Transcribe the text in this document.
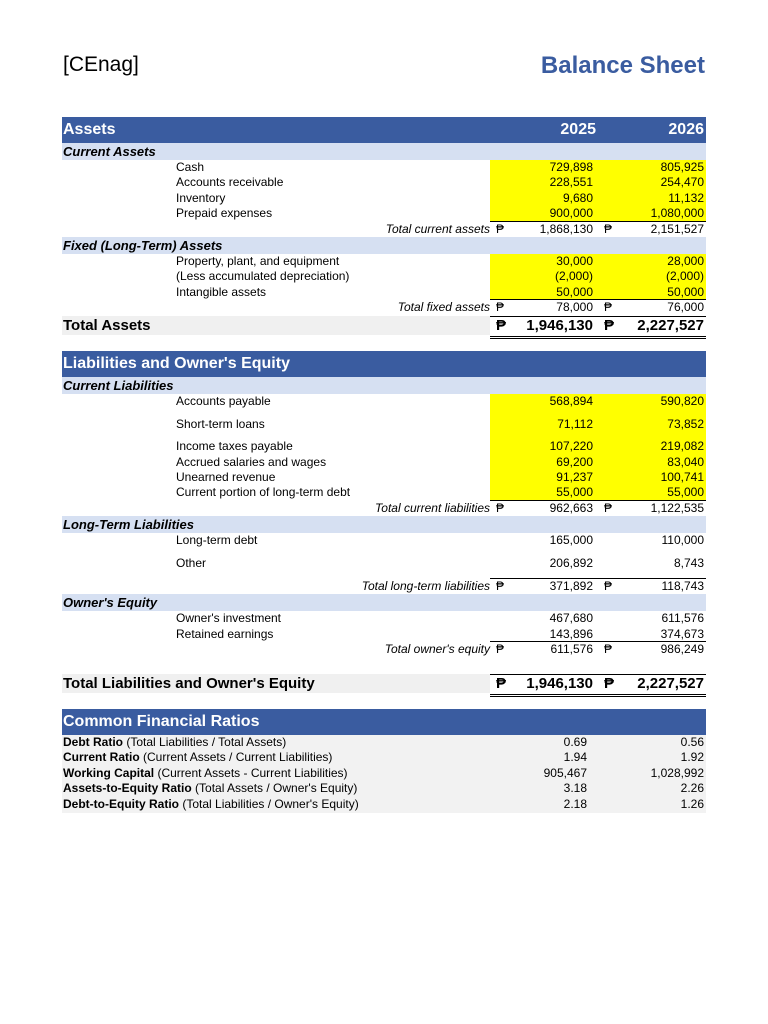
[CEnag]	Balance Sheet
Assets	2025	2026
Current Assets
Cash	729,898	805,925
Accounts receivable	228,551	254,470
Inventory	9,680	11,132
Prepaid expenses	900,000	1,080,000
Total current assets ₱	1,868,130 ₱	2,151,527
Fixed (Long-Term) Assets
Property, plant, and equipment	30,000	28,000
(Less accumulated depreciation)	(2,000)	(2,000)
Intangible assets	50,000	50,000
Total fixed assets ₱	78,000 ₱	76,000
Total Assets	₱	1,946,130 ₱	2,227,527
Liabilities and Owner's Equity
Current Liabilities
Accounts payable	568,894	590,820
Short-term loans	71,112	73,852
Income taxes payable	107,220	219,082
Accrued salaries and wages	69,200	83,040
Unearned revenue	91,237	100,741
Current portion of long-term debt	55,000	55,000
Total current liabilities ₱	962,663 ₱	1,122,535
Long-Term Liabilities
Long-term debt	165,000	110,000
Other	206,892	8,743
Total long-term liabilities ₱	371,892 ₱	118,743
Owner's Equity
Owner's investment	467,680	611,576
Retained earnings	143,896	374,673
Total owner's equity ₱	611,576 ₱	986,249
Total Liabilities and Owner's Equity	₱	1,946,130 ₱	2,227,527
Common Financial Ratios
Debt Ratio (Total Liabilities / Total Assets)	0.69	0.56
Current Ratio (Current Assets / Current Liabilities)	1.94	1.92
Working Capital (Current Assets - Current Liabilities)	905,467	1,028,992
Assets-to-Equity Ratio (Total Assets / Owner's Equity)	3.18	2.26
Debt-to-Equity Ratio (Total Liabilities / Owner's Equity)	2.18	1.26
